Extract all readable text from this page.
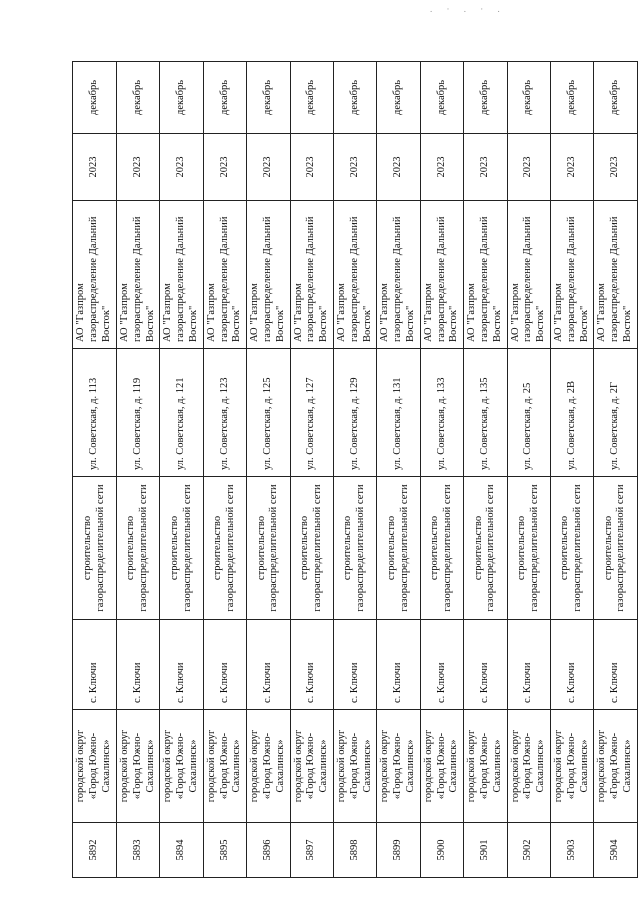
. · . · .
5892	городской округ «Город Южно-Сахалинск»	с. Ключи	строительство газораспределительной сети	ул. Советская, д. 113	АО "Газпром газораспределение Дальний Восток"	2023	декабрь
5893	городской округ «Город Южно-Сахалинск»	с. Ключи	строительство газораспределительной сети	ул. Советская, д. 119	АО "Газпром газораспределение Дальний Восток"	2023	декабрь
5894	городской округ «Город Южно-Сахалинск»	с. Ключи	строительство газораспределительной сети	ул. Советская, д. 121	АО "Газпром газораспределение Дальний Восток"	2023	декабрь
5895	городской округ «Город Южно-Сахалинск»	с. Ключи	строительство газораспределительной сети	ул. Советская, д. 123	АО "Газпром газораспределение Дальний Восток"	2023	декабрь
5896	городской округ «Город Южно-Сахалинск»	с. Ключи	строительство газораспределительной сети	ул. Советская, д. 125	АО "Газпром газораспределение Дальний Восток"	2023	декабрь
5897	городской округ «Город Южно-Сахалинск»	с. Ключи	строительство газораспределительной сети	ул. Советская, д. 127	АО "Газпром газораспределение Дальний Восток"	2023	декабрь
5898	городской округ «Город Южно-Сахалинск»	с. Ключи	строительство газораспределительной сети	ул. Советская, д. 129	АО "Газпром газораспределение Дальний Восток"	2023	декабрь
5899	городской округ «Город Южно-Сахалинск»	с. Ключи	строительство газораспределительной сети	ул. Советская, д. 131	АО "Газпром газораспределение Дальний Восток"	2023	декабрь
5900	городской округ «Город Южно-Сахалинск»	с. Ключи	строительство газораспределительной сети	ул. Советская, д. 133	АО "Газпром газораспределение Дальний Восток"	2023	декабрь
5901	городской округ «Город Южно-Сахалинск»	с. Ключи	строительство газораспределительной сети	ул. Советская, д. 135	АО "Газпром газораспределение Дальний Восток"	2023	декабрь
5902	городской округ «Город Южно-Сахалинск»	с. Ключи	строительство газораспределительной сети	ул. Советская, д. 25	АО "Газпром газораспределение Дальний Восток"	2023	декабрь
5903	городской округ «Город Южно-Сахалинск»	с. Ключи	строительство газораспределительной сети	ул. Советская, д. 2В	АО "Газпром газораспределение Дальний Восток"	2023	декабрь
5904	городской округ «Город Южно-Сахалинск»	с. Ключи	строительство газораспределительной сети	ул. Советская, д. 2Г	АО "Газпром газораспределение Дальний Восток"	2023	декабрь
